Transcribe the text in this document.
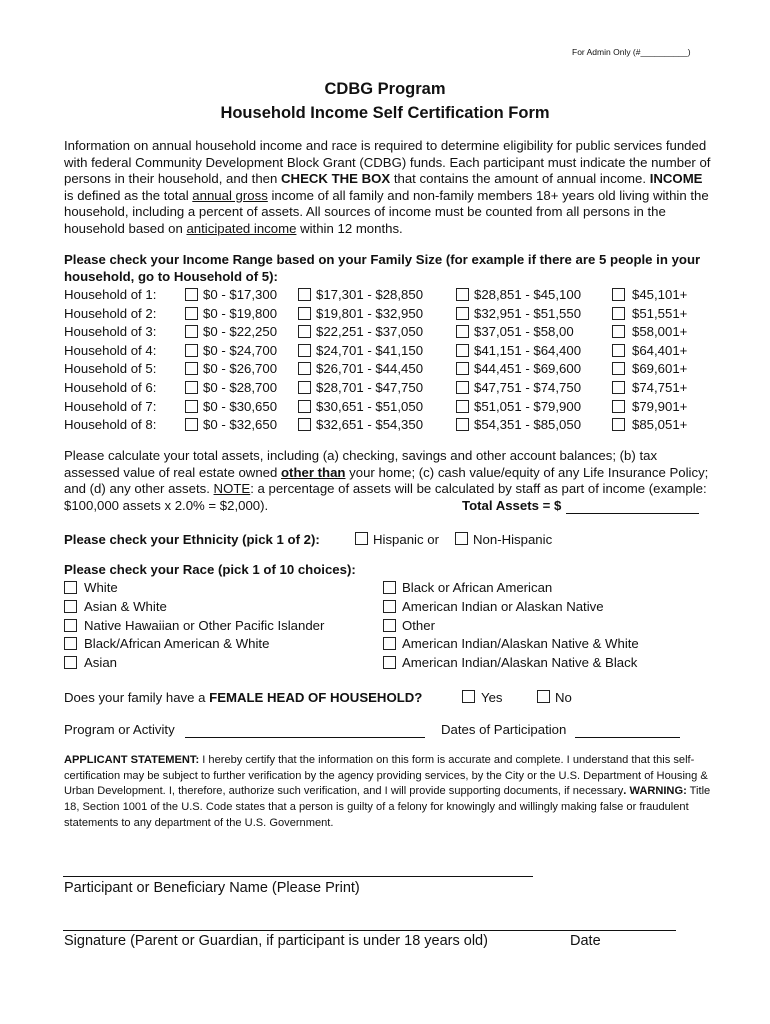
For Admin Only (#__________)
CDBG Program
Household Income Self Certification Form
Information on annual household income and race is required to determine eligibility for public services funded with federal Community Development Block Grant (CDBG) funds. Each participant must indicate the number of persons in their household, and then CHECK THE BOX that contains the amount of annual income. INCOME is defined as the total annual gross income of all family and non-family members 18+ years old living within the household, including a percent of assets. All sources of income must be counted from all persons in the household based on anticipated income within 12 months.
Please check your Income Range based on your Family Size (for example if there are 5 people in your household, go to Household of 5):
Household of 1:	$0 - $17,300	$17,301 - $28,850	$28,851 - $45,100	$45,101+
Household of 2:	$0 - $19,800	$19,801 - $32,950	$32,951 - $51,550	$51,551+
Household of 3:	$0 - $22,250	$22,251 - $37,050	$37,051 - $58,00	$58,001+
Household of 4:	$0 - $24,700	$24,701 - $41,150	$41,151 - $64,400	$64,401+
Household of 5:	$0 - $26,700	$26,701 - $44,450	$44,451 - $69,600	$69,601+
Household of 6:	$0 - $28,700	$28,701 - $47,750	$47,751 - $74,750	$74,751+
Household of 7:	$0 - $30,650	$30,651 - $51,050	$51,051 - $79,900	$79,901+
Household of 8:	$0 - $32,650	$32,651 - $54,350	$54,351 - $85,050	$85,051+
Please calculate your total assets, including (a) checking, savings and other account balances; (b) tax assessed value of real estate owned other than your home; (c) cash value/equity of any Life Insurance Policy; and (d) any other assets. NOTE: a percentage of assets will be calculated by staff as part of income (example: $100,000 assets x 2.0% = $2,000).	Total Assets = $
Please check your Ethnicity (pick 1 of 2):	Hispanic or	Non-Hispanic
Please check your Race (pick 1 of 10 choices):
White
Asian & White
Native Hawaiian or Other Pacific Islander
Black/African American & White
Asian
Black or African American
American Indian or Alaskan Native
Other
American Indian/Alaskan Native & White
American Indian/Alaskan Native & Black
Does your family have a FEMALE HEAD OF HOUSEHOLD?	Yes	No
Program or Activity	Dates of Participation
APPLICANT STATEMENT: I hereby certify that the information on this form is accurate and complete. I understand that this self-certification may be subject to further verification by the agency providing services, by the City or the U.S. Department of Housing & Urban Development. I, therefore, authorize such verification, and I will provide supporting documents, if necessary. WARNING: Title 18, Section 1001 of the U.S. Code states that a person is guilty of a felony for knowingly and willingly making false or fraudulent statements to any department of the U.S. Government.
Participant or Beneficiary Name (Please Print)
Signature (Parent or Guardian, if participant is under 18 years old)	Date
